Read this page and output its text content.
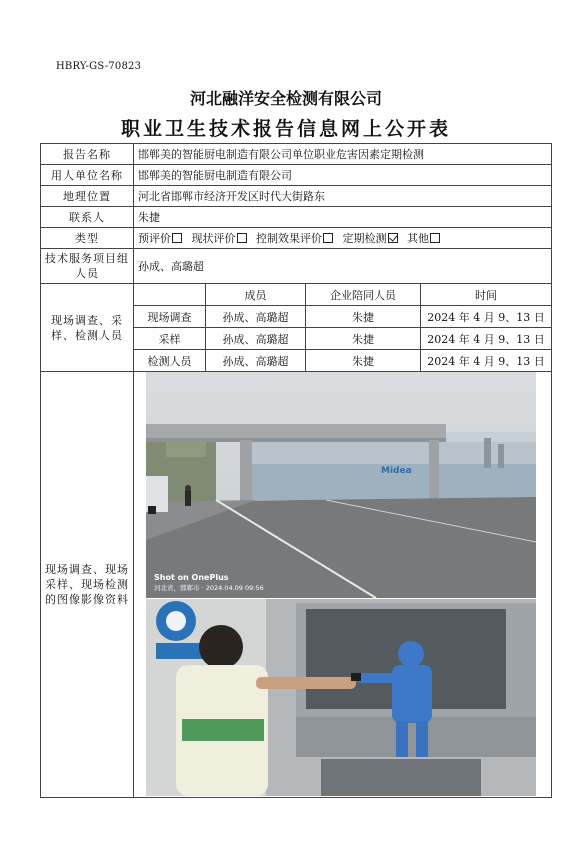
HBRY-GS-70823
河北融洋安全检测有限公司
职业卫生技术报告信息网上公开表
报告名称	邯郸美的智能厨电制造有限公司单位职业危害因素定期检测			
用人单位名称	邯郸美的智能厨电制造有限公司			
地理位置	河北省邯郸市经济开发区时代大街路东			
联系人	朱捷			
类型	预评价 现状评价 控制效果评价 定期检测 其他			
技术服务项目组人员	孙成、高璐超			
现场调查、采样、检测人员		成员	企业陪同人员	时间
	现场调查	孙成、高璐超	朱捷	2024 年 4 月 9、13 日
	采样	孙成、高璐超	朱捷	2024 年 4 月 9、13 日
	检测人员	孙成、高璐超	朱捷	2024 年 4 月 9、13 日
现场调查、现场采样、现场检测的图像影像资料	Midea
Shot on OnePlus
河北省，邯郸市 · 2024.04.09 09:56			
